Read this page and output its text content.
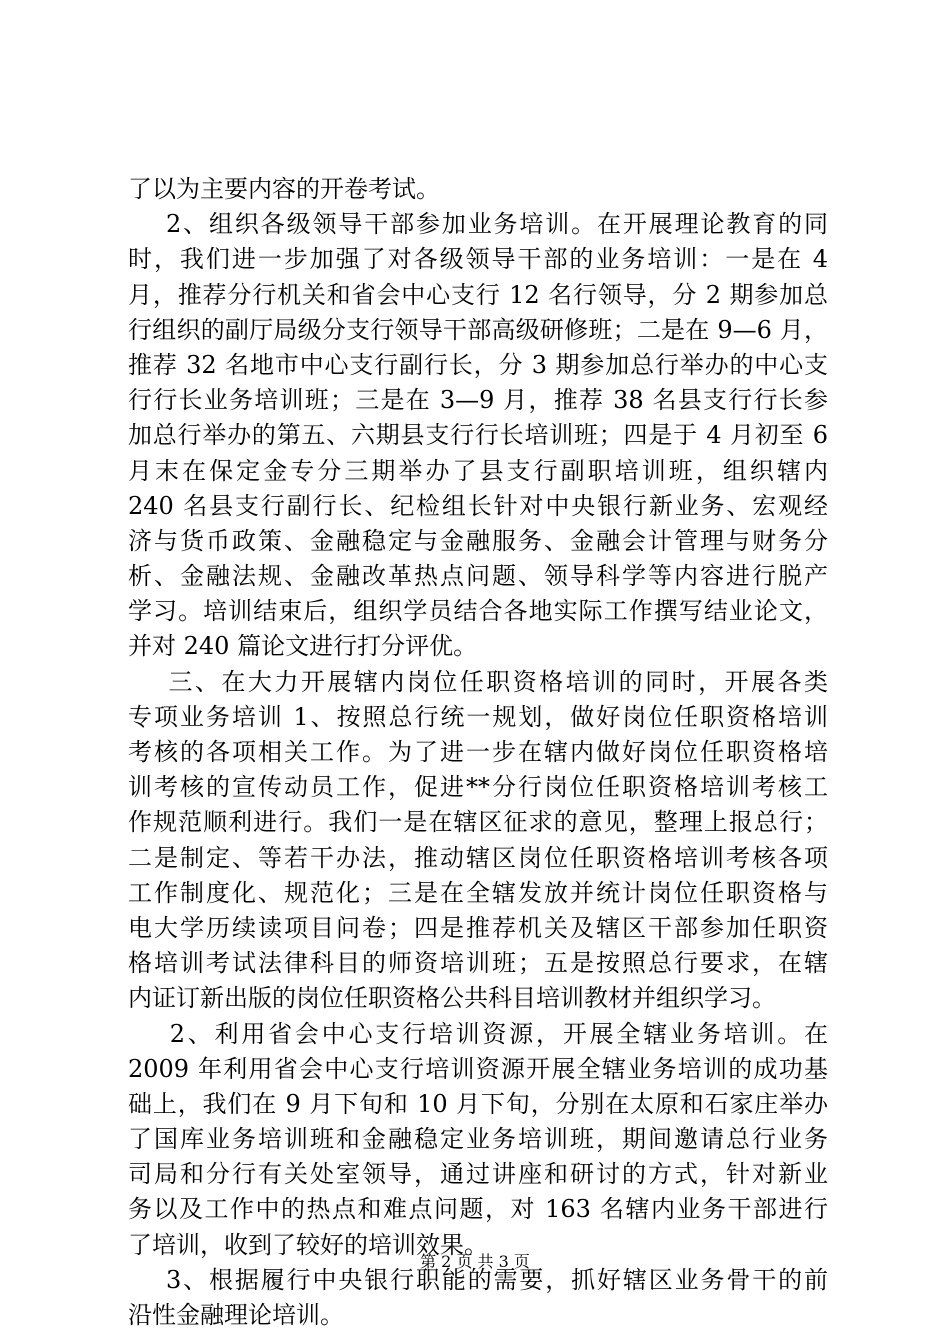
了以为主要内容的开卷考试。
2、组织各级领导干部参加业务培训。在开展理论教育的同
时，我们进一步加强了对各级领导干部的业务培训：一是在 4
月，推荐分行机关和省会中心支行 12 名行领导，分 2 期参加总
行组织的副厅局级分支行领导干部高级研修班；二是在 9—6 月，
推荐 32 名地市中心支行副行长，分 3 期参加总行举办的中心支
行行长业务培训班；三是在 3—9 月，推荐 38 名县支行行长参
加总行举办的第五、六期县支行行长培训班；四是于 4 月初至 6
月末在保定金专分三期举办了县支行副职培训班，组织辖内
240 名县支行副行长、纪检组长针对中央银行新业务、宏观经
济与货币政策、金融稳定与金融服务、金融会计管理与财务分
析、金融法规、金融改革热点问题、领导科学等内容进行脱产
学习。培训结束后，组织学员结合各地实际工作撰写结业论文，
并对 240 篇论文进行打分评优。
三、在大力开展辖内岗位任职资格培训的同时，开展各类
专项业务培训 1、按照总行统一规划，做好岗位任职资格培训
考核的各项相关工作。为了进一步在辖内做好岗位任职资格培
训考核的宣传动员工作，促进**分行岗位任职资格培训考核工
作规范顺利进行。我们一是在辖区征求的意见，整理上报总行；
二是制定、等若干办法，推动辖区岗位任职资格培训考核各项
工作制度化、规范化；三是在全辖发放并统计岗位任职资格与
电大学历续读项目问卷；四是推荐机关及辖区干部参加任职资
格培训考试法律科目的师资培训班；五是按照总行要求，在辖
内证订新出版的岗位任职资格公共科目培训教材并组织学习。
2、利用省会中心支行培训资源，开展全辖业务培训。在
2009 年利用省会中心支行培训资源开展全辖业务培训的成功基
础上，我们在 9 月下旬和 10 月下旬，分别在太原和石家庄举办
了国库业务培训班和金融稳定业务培训班，期间邀请总行业务
司局和分行有关处室领导，通过讲座和研讨的方式，针对新业
务以及工作中的热点和难点问题，对 163 名辖内业务干部进行
了培训，收到了较好的培训效果。
3、根据履行中央银行职能的需要，抓好辖区业务骨干的前
沿性金融理论培训。
第 2 页 共 3 页
